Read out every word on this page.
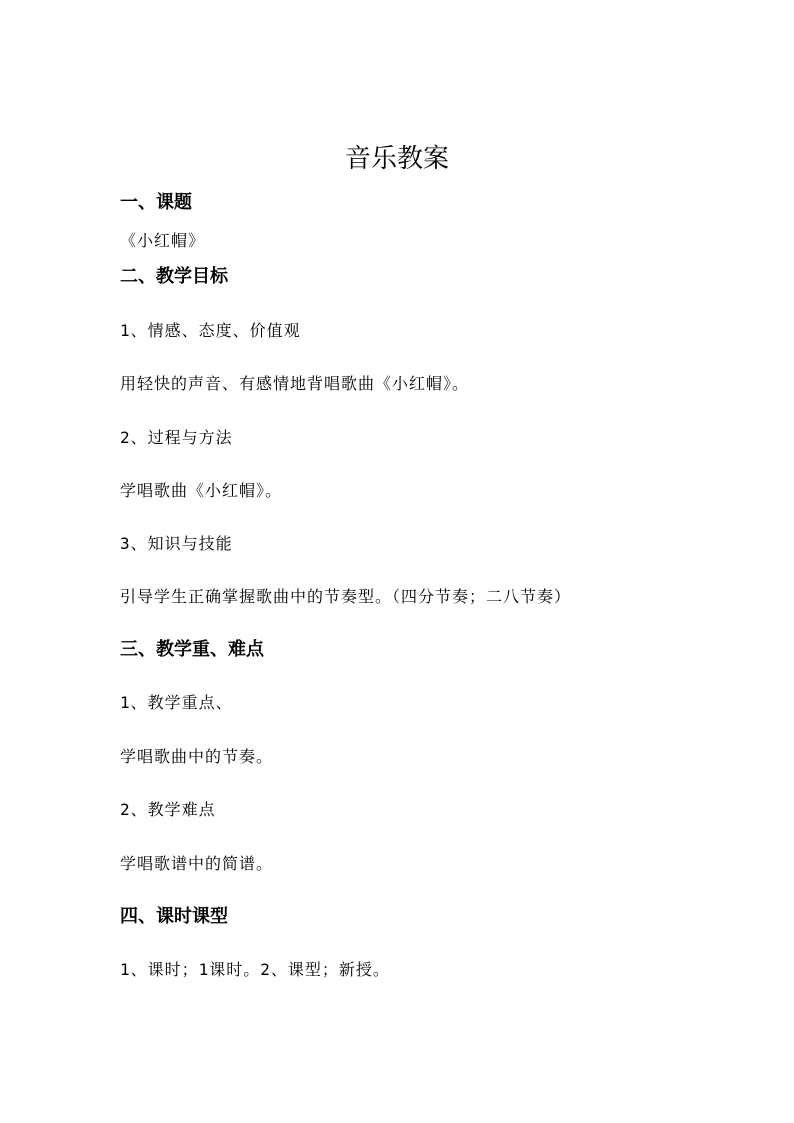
音乐教案
一、课题

《小红帽》

二、教学目标

1、情感、态度、价值观

用轻快的声音、有感情地背唱歌曲《小红帽》。

2、过程与方法

学唱歌曲《小红帽》。

3、知识与技能

引导学生正确掌握歌曲中的节奏型。（四分节奏；二八节奏）

三、教学重、难点

1、教学重点、

学唱歌曲中的节奏。

2、教学难点

学唱歌谱中的简谱。

四、课时课型

1、课时；1课时。2、课型；新授。
